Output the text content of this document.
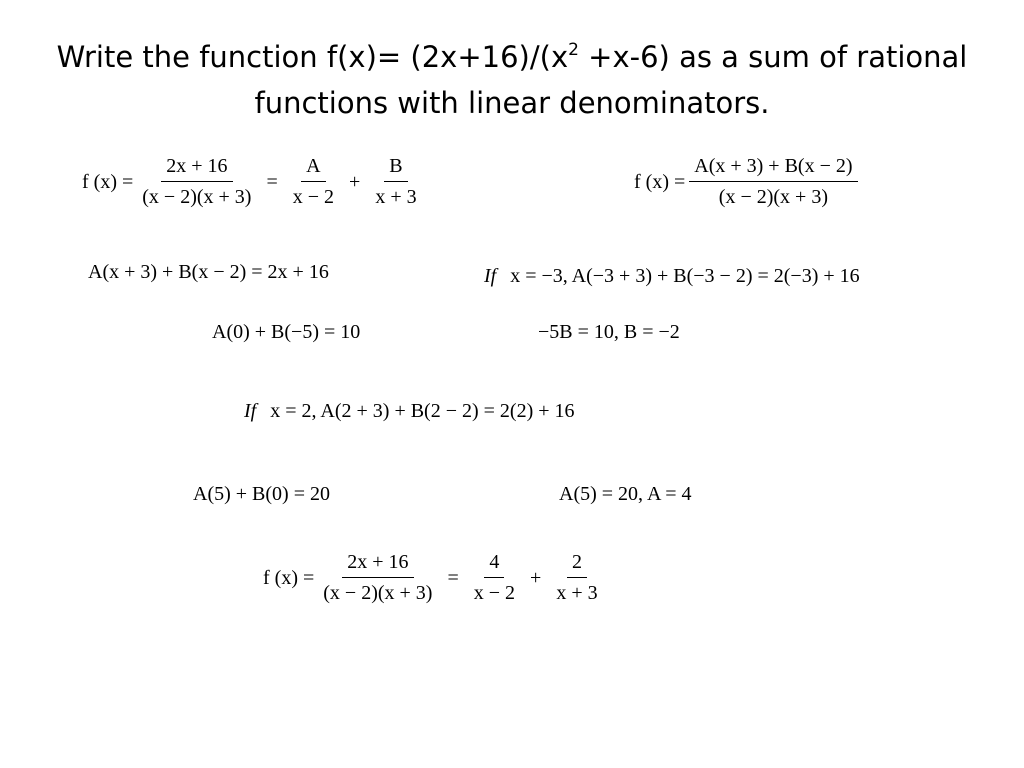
Write the function $f(x)= (2x+16)/(x^2 +x-6)$ as a sum of rational functions with linear denominators.
f $(x) = \frac{2x + 16}{(x - 2)(x + 3)} = \frac{A}{x - 2} + \frac{B}{x + 3}$	f $(x) = \frac{A(x + 3) + B(x - 2)}{(x - 2)(x + 3)}$
A(x + 3) + B(x − 2) = 2x + 16	If x = −3, A(−3 + 3) + B(−3 − 2) = 2(−3) + 16
A(0) + B(−5) = 10	−5B = 10, B = −2
If x = 2, A(2 + 3) + B(2 − 2) = 2(2) + 16
A(5) + B(0) = 20	A(5) = 20, A = 4
f $(x) = \frac{2x + 16}{(x - 2)(x + 3)} = \frac{4}{x - 2} + \frac{2}{x + 3}$
